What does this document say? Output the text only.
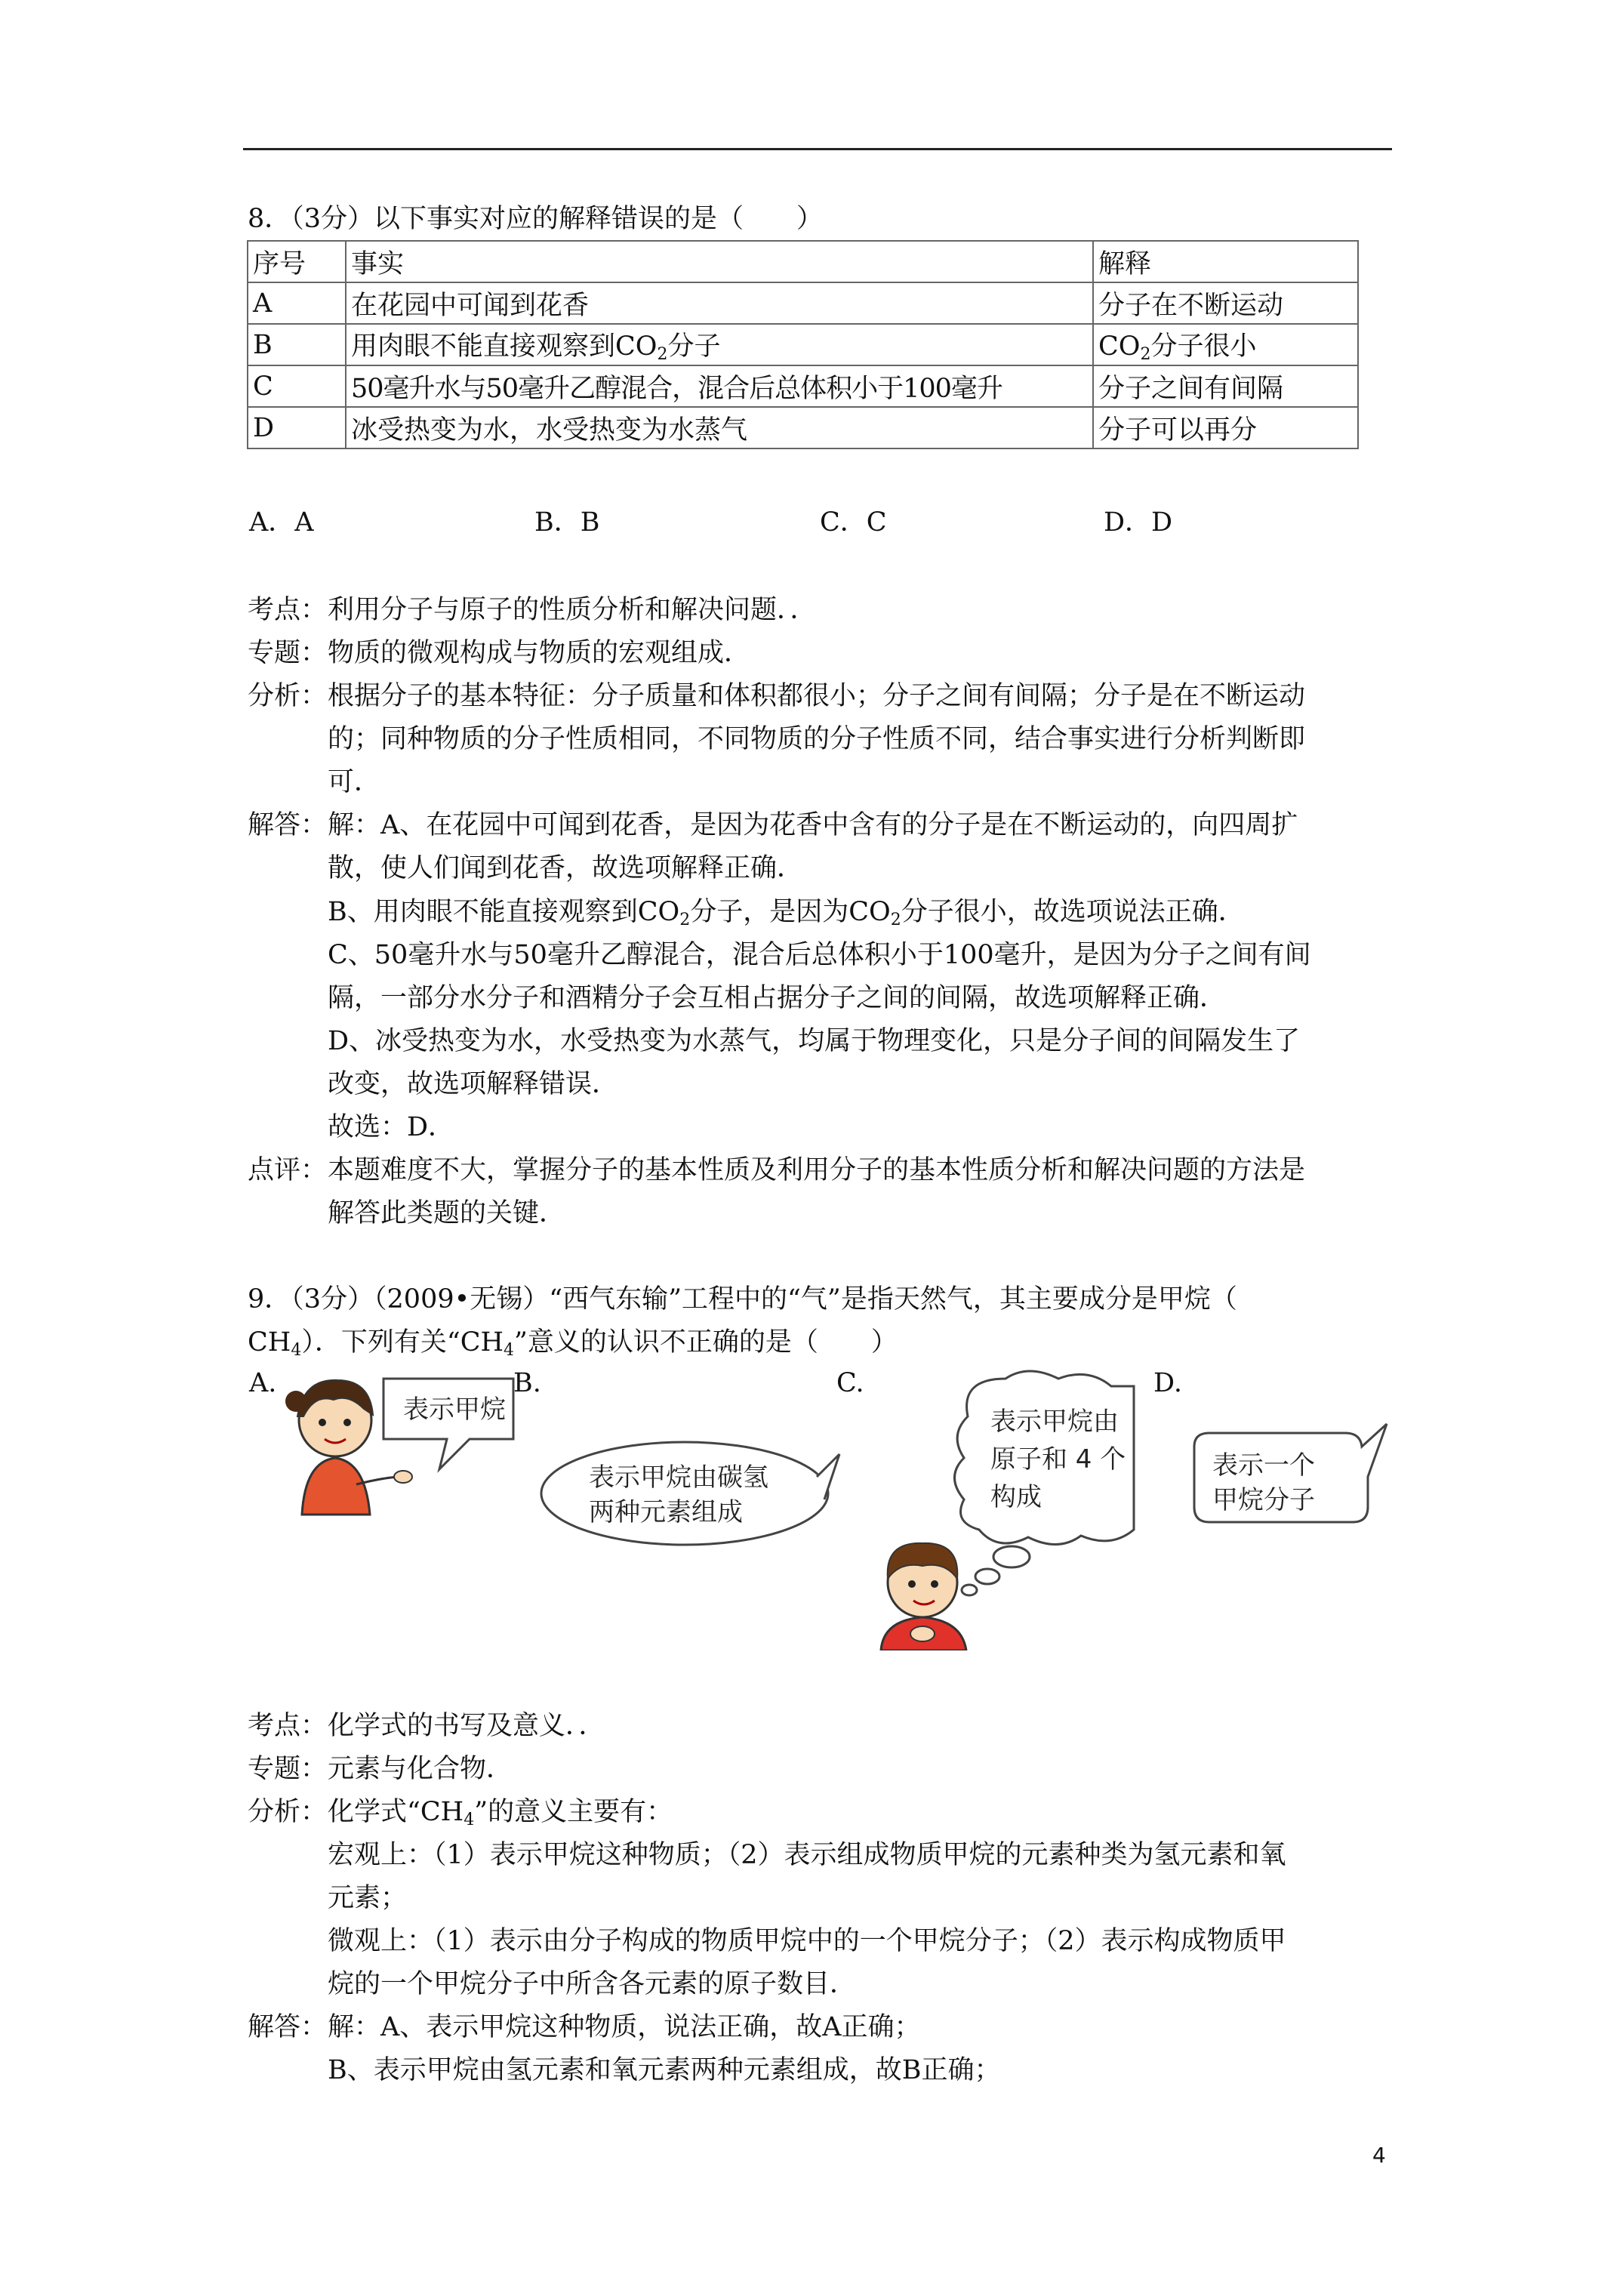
8．（3分）以下事实对应的解释错误的是（　　）
序号	事实	解释
A	在花园中可闻到花香	分子在不断运动
B	用肉眼不能直接观察到$CO_2$分子	$CO_2$分子很小
C	50毫升水与50毫升乙醇混合，混合后总体积小于100毫升	分子之间有间隔
D	冰受热变为水，水受热变为水蒸气	分子可以再分
A．A	B．B	C．C	D．D
考点： 利用分子与原子的性质分析和解决问题．．
专题： 物质的微观构成与物质的宏观组成．
分析： 根据分子的基本特征：分子质量和体积都很小；分子之间有间隔；分子是在不断运动
的；同种物质的分子性质相同，不同物质的分子性质不同，结合事实进行分析判断即
可．
解答： 解：A、在花园中可闻到花香，是因为花香中含有的分子是在不断运动的，向四周扩
散，使人们闻到花香，故选项解释正确．
B、用肉眼不能直接观察到$CO_2$分子，是因为$CO_2$分子很小，故选项说法正确．
C、50毫升水与50毫升乙醇混合，混合后总体积小于100毫升，是因为分子之间有间
隔，一部分水分子和酒精分子会互相占据分子之间的间隔，故选项解释正确．
D、冰受热变为水，水受热变为水蒸气，均属于物理变化，只是分子间的间隔发生了
改变，故选项解释错误．
故选：D．
点评： 本题难度不大，掌握分子的基本性质及利用分子的基本性质分析和解决问题的方法是
解答此类题的关键．
9．（3分）（2009•无锡）“西气东输”工程中的“气”是指天然气，其主要成分是甲烷（
$CH_4$）．下列有关“$CH_4$”意义的认识不正确的是（　　）
A.	B.	C.	D.
表示甲烷
表示甲烷由碳氢
两种元素组成
表示甲烷由
原子和 4 个
构成
表示一个
甲烷分子
考点： 化学式的书写及意义．．
专题： 元素与化合物．
分析： 化学式“$CH_4$”的意义主要有：
宏观上：（1）表示甲烷这种物质；（2）表示组成物质甲烷的元素种类为氢元素和氧
元素；
微观上：（1）表示由分子构成的物质甲烷中的一个甲烷分子；（2）表示构成物质甲
烷的一个甲烷分子中所含各元素的原子数目．
解答： 解：A、表示甲烷这种物质，说法正确，故A正确；
B、表示甲烷由氢元素和氧元素两种元素组成，故B正确；
4
